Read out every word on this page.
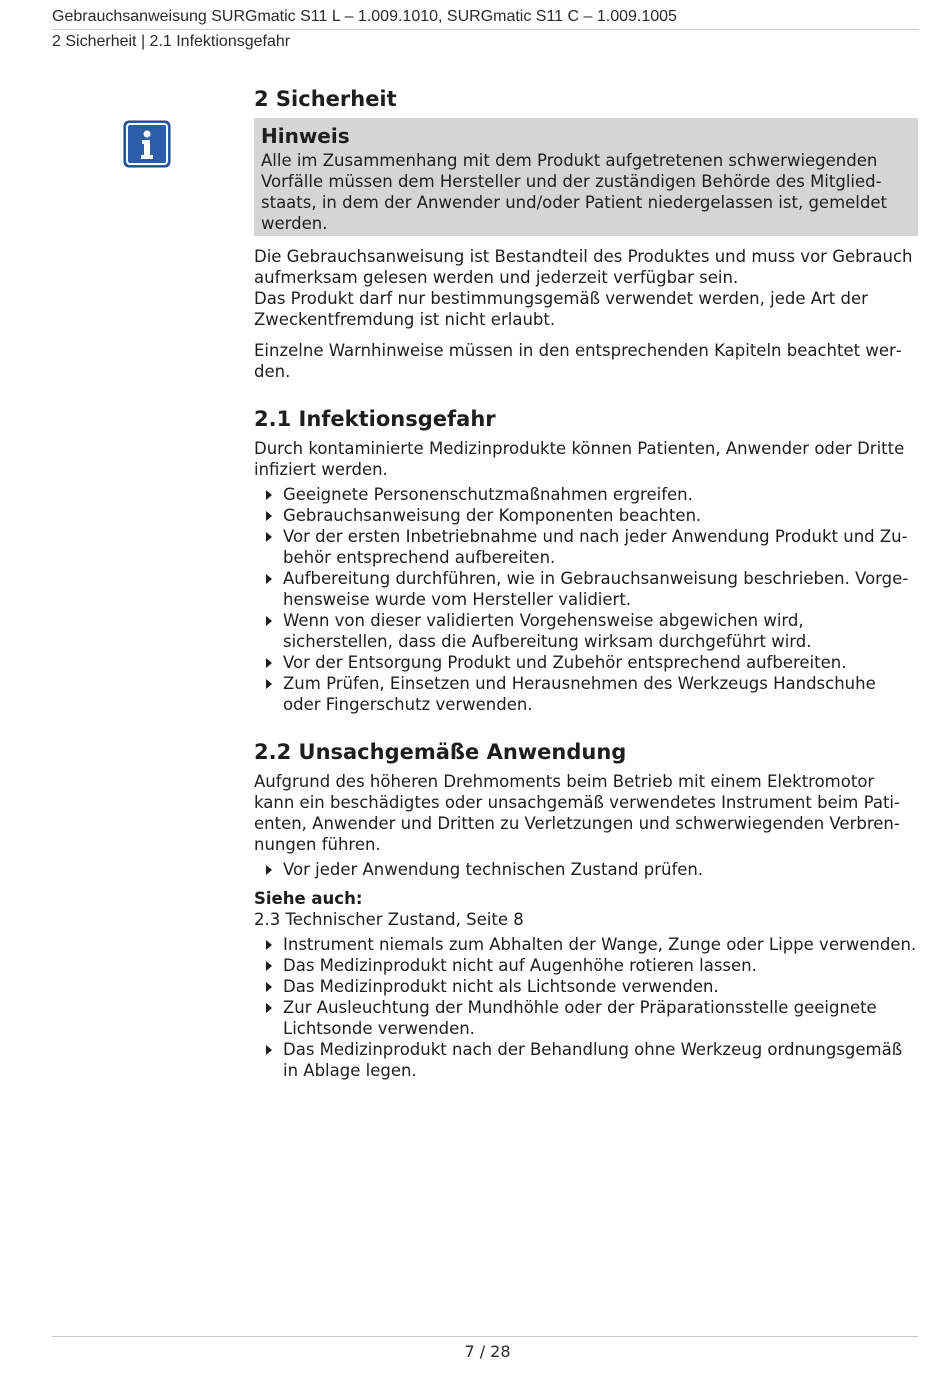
Gebrauchsanweisung SURGmatic S11 L – 1.009.1010, SURGmatic S11 C – 1.009.1005
2 Sicherheit | 2.1 Infektionsgefahr
2 Sicherheit
Hinweis

Alle im Zusammenhang mit dem Produkt aufgetretenen schwerwiegenden Vorfälle müssen dem Hersteller und der zuständigen Behörde des Mitgliedstaats, in dem der Anwender und/oder Patient niedergelassen ist, gemeldet werden.

Die Gebrauchsanweisung ist Bestandteil des Produktes und muss vor Gebrauch aufmerksam gelesen werden und jederzeit verfügbar sein.

Das Produkt darf nur bestimmungsgemäß verwendet werden, jede Art der Zweckentfremdung ist nicht erlaubt.

Einzelne Warnhinweise müssen in den entsprechenden Kapiteln beachtet werden.

2.1 Infektionsgefahr

Durch kontaminierte Medizinprodukte können Patienten, Anwender oder Dritte infiziert werden.

Geeignete Personenschutzmaßnahmen ergreifen.
Gebrauchsanweisung der Komponenten beachten.
Vor der ersten Inbetriebnahme und nach jeder Anwendung Produkt und Zubehör entsprechend aufbereiten.
Aufbereitung durchführen, wie in Gebrauchsanweisung beschrieben. Vorgehensweise wurde vom Hersteller validiert.
Wenn von dieser validierten Vorgehensweise abgewichen wird, sicherstellen, dass die Aufbereitung wirksam durchgeführt wird.
Vor der Entsorgung Produkt und Zubehör entsprechend aufbereiten.
Zum Prüfen, Einsetzen und Herausnehmen des Werkzeugs Handschuhe oder Fingerschutz verwenden.
2.2 Unsachgemäße Anwendung

Aufgrund des höheren Drehmoments beim Betrieb mit einem Elektromotor kann ein beschädigtes oder unsachgemäß verwendetes Instrument beim Patienten, Anwender und Dritten zu Verletzungen und schwerwiegenden Verbrennungen führen.

Vor jeder Anwendung technischen Zustand prüfen.
Siehe auch:

2.3 Technischer Zustand, Seite 8

Instrument niemals zum Abhalten der Wange, Zunge oder Lippe verwenden.
Das Medizinprodukt nicht auf Augenhöhe rotieren lassen.
Das Medizinprodukt nicht als Lichtsonde verwenden.
Zur Ausleuchtung der Mundhöhle oder der Präparationsstelle geeignete Lichtsonde verwenden.
Das Medizinprodukt nach der Behandlung ohne Werkzeug ordnungsgemäß in Ablage legen.
7 / 28
